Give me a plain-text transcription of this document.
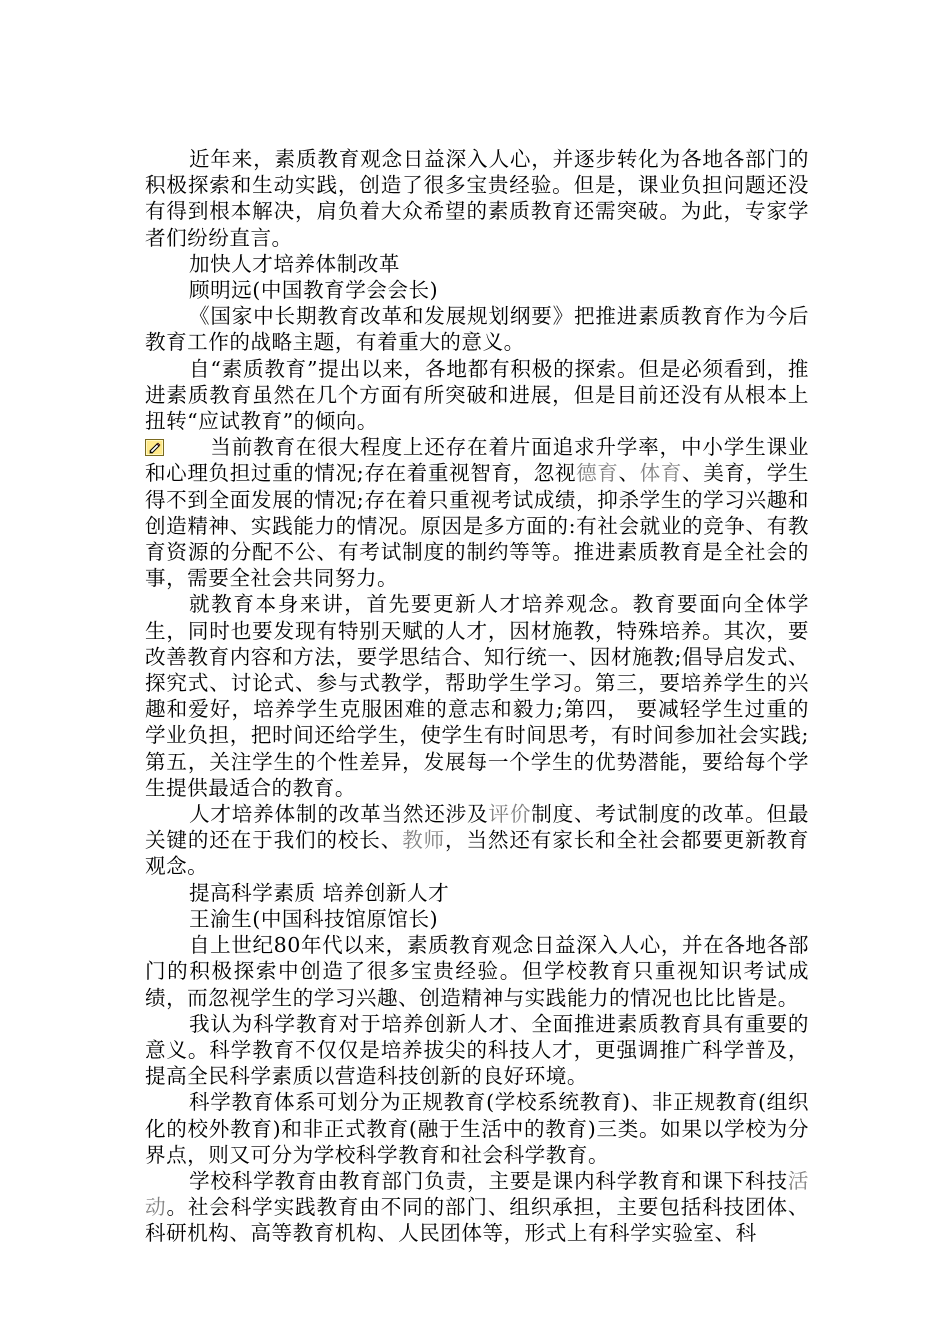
近年来，素质教育观念日益深入人心，并逐步转化为各地各部门的积极探索和生动实践，创造了很多宝贵经验。但是，课业负担问题还没有得到根本解决，肩负着大众希望的素质教育还需突破。为此，专家学者们纷纷直言。

加快人才培养体制改革

顾明远(中国教育学会会长)

《国家中长期教育改革和发展规划纲要》把推进素质教育作为今后教育工作的战略主题，有着重大的意义。

自“素质教育”提出以来，各地都有积极的探索。但是必须看到，推进素质教育虽然在几个方面有所突破和进展，但是目前还没有从根本上扭转“应试教育”的倾向。

当前教育在很大程度上还存在着片面追求升学率，中小学生课业和心理负担过重的情况;存在着重视智育，忽视德育、体育、美育，学生得不到全面发展的情况;存在着只重视考试成绩，抑杀学生的学习兴趣和创造精神、实践能力的情况。原因是多方面的:有社会就业的竞争、有教育资源的分配不公、有考试制度的制约等等。推进素质教育是全社会的事，需要全社会共同努力。

就教育本身来讲，首先要更新人才培养观念。教育要面向全体学生，同时也要发现有特别天赋的人才，因材施教，特殊培养。其次，要改善教育内容和方法，要学思结合、知行统一、因材施教;倡导启发式、探究式、讨论式、参与式教学，帮助学生学习。第三，要培养学生的兴趣和爱好，培养学生克服困难的意志和毅力;第四， 要减轻学生过重的学业负担，把时间还给学生，使学生有时间思考，有时间参加社会实践;第五，关注学生的个性差异，发展每一个学生的优势潜能，要给每个学生提供最适合的教育。

人才培养体制的改革当然还涉及评价制度、考试制度的改革。但最关键的还在于我们的校长、教师，当然还有家长和全社会都要更新教育观念。

提高科学素质 培养创新人才

王渝生(中国科技馆原馆长)

自上世纪80年代以来，素质教育观念日益深入人心，并在各地各部门的积极探索中创造了很多宝贵经验。但学校教育只重视知识考试成绩，而忽视学生的学习兴趣、创造精神与实践能力的情况也比比皆是。

我认为科学教育对于培养创新人才、全面推进素质教育具有重要的意义。科学教育不仅仅是培养拔尖的科技人才，更强调推广科学普及，提高全民科学素质以营造科技创新的良好环境。

科学教育体系可划分为正规教育(学校系统教育)、非正规教育(组织化的校外教育)和非正式教育(融于生活中的教育)三类。如果以学校为分界点，则又可分为学校科学教育和社会科学教育。

学校科学教育由教育部门负责，主要是课内科学教育和课下科技活动。社会科学实践教育由不同的部门、组织承担，主要包括科技团体、科研机构、高等教育机构、人民团体等，形式上有科学实验室、科
